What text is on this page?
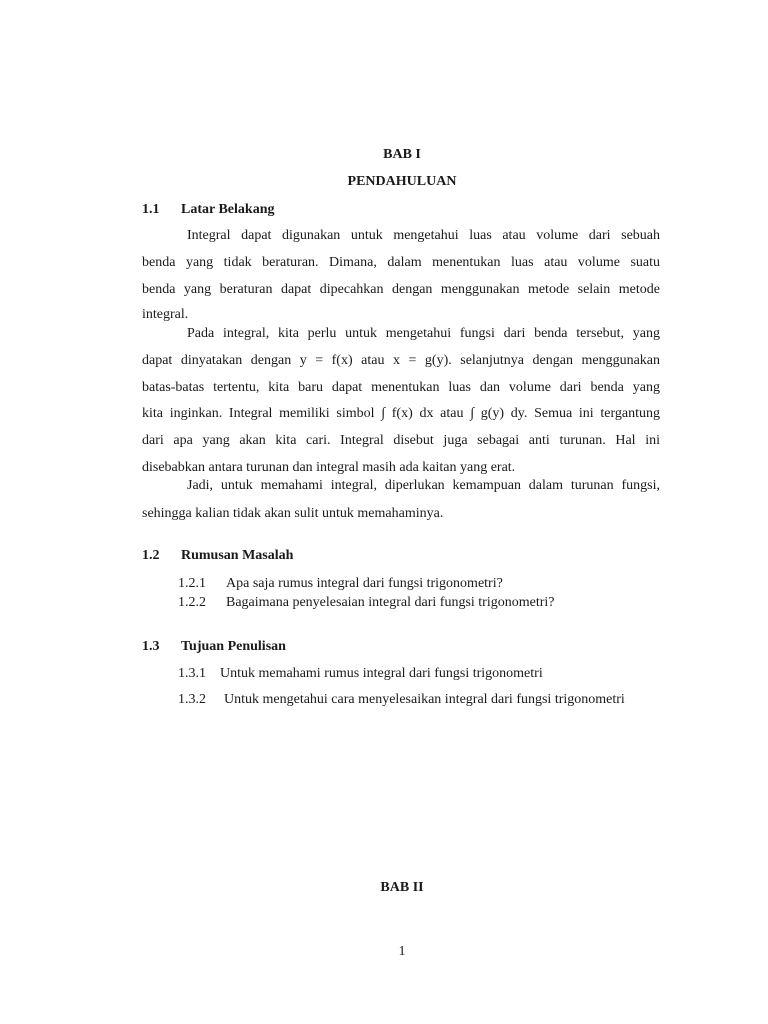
BAB I
PENDAHULUAN
1.1 Latar Belakang
Integral dapat digunakan untuk mengetahui luas atau volume dari sebuah
benda yang tidak beraturan. Dimana, dalam menentukan luas atau volume suatu
benda yang beraturan dapat dipecahkan dengan menggunakan metode selain metode
integral.
Pada integral, kita perlu untuk mengetahui fungsi dari benda tersebut, yang
dapat dinyatakan dengan y = f(x) atau x = g(y). selanjutnya dengan menggunakan
batas-batas tertentu, kita baru dapat menentukan luas dan volume dari benda yang
kita inginkan. Integral memiliki simbol ∫ f(x) dx atau ∫ g(y) dy. Semua ini tergantung
dari apa yang akan kita cari. Integral disebut juga sebagai anti turunan. Hal ini
disebabkan antara turunan dan integral masih ada kaitan yang erat.
Jadi, untuk memahami integral, diperlukan kemampuan dalam turunan fungsi,
sehingga kalian tidak akan sulit untuk memahaminya.
1.2 Rumusan Masalah
1.2.1 Apa saja rumus integral dari fungsi trigonometri?
1.2.2 Bagaimana penyelesaian integral dari fungsi trigonometri?
1.3 Tujuan Penulisan
1.3.1 Untuk memahami rumus integral dari fungsi trigonometri
1.3.2 Untuk mengetahui cara menyelesaikan integral dari fungsi trigonometri
BAB II
1
